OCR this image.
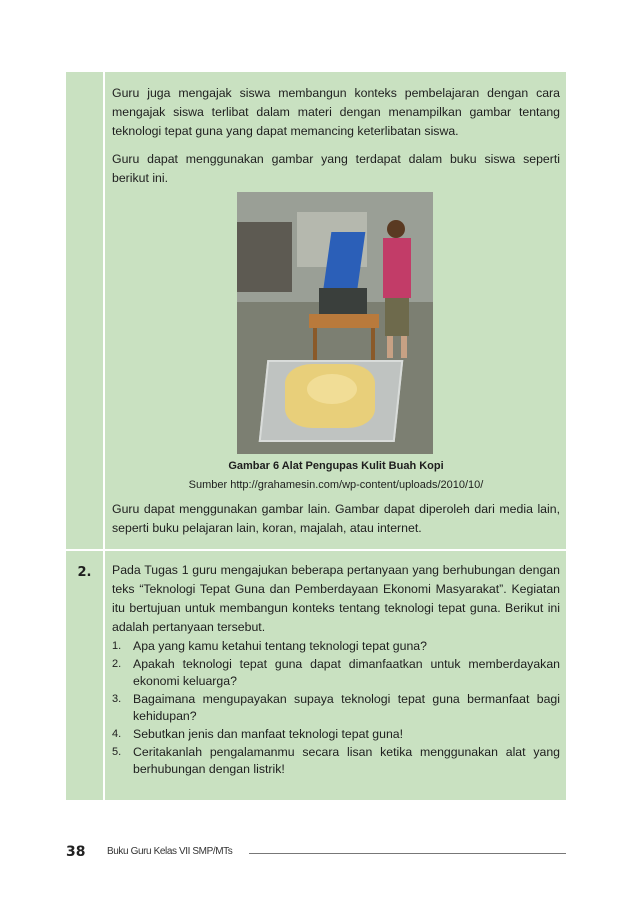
Guru juga mengajak siswa membangun konteks pembelajaran dengan cara mengajak siswa terlibat dalam materi dengan menampilkan gambar tentang teknologi tepat guna yang dapat memancing keterlibatan siswa.

Guru dapat menggunakan gambar yang terdapat dalam buku siswa seperti berikut ini.

Gambar 6 Alat Pengupas Kulit Buah Kopi
Sumber http://grahamesin.com/wp-content/uploads/2010/10/

Guru dapat menggunakan gambar lain. Gambar dapat diperoleh dari media lain, seperti buku pelajaran lain, koran, majalah, atau internet.

2.	Pada Tugas 1 guru mengajukan beberapa pertanyaan yang berhubungan dengan teks “Teknologi Tepat Guna dan Pemberdayaan Ekonomi Masyarakat”. Kegiatan itu bertujuan untuk membangun konteks tentang teknologi tepat guna. Berikut ini adalah pertanyaan tersebut.

1. Apa yang kamu ketahui tentang teknologi tepat guna?
2. Apakah teknologi tepat guna dapat dimanfaatkan untuk memberdayakan ekonomi keluarga?
3. Bagaimana mengupayakan supaya teknologi tepat guna bermanfaat bagi kehidupan?
4. Sebutkan jenis dan manfaat teknologi tepat guna!
5. Ceritakanlah pengalamanmu secara lisan ketika menggunakan alat yang berhubungan dengan listrik!
38 Buku Guru Kelas VII SMP/MTs
